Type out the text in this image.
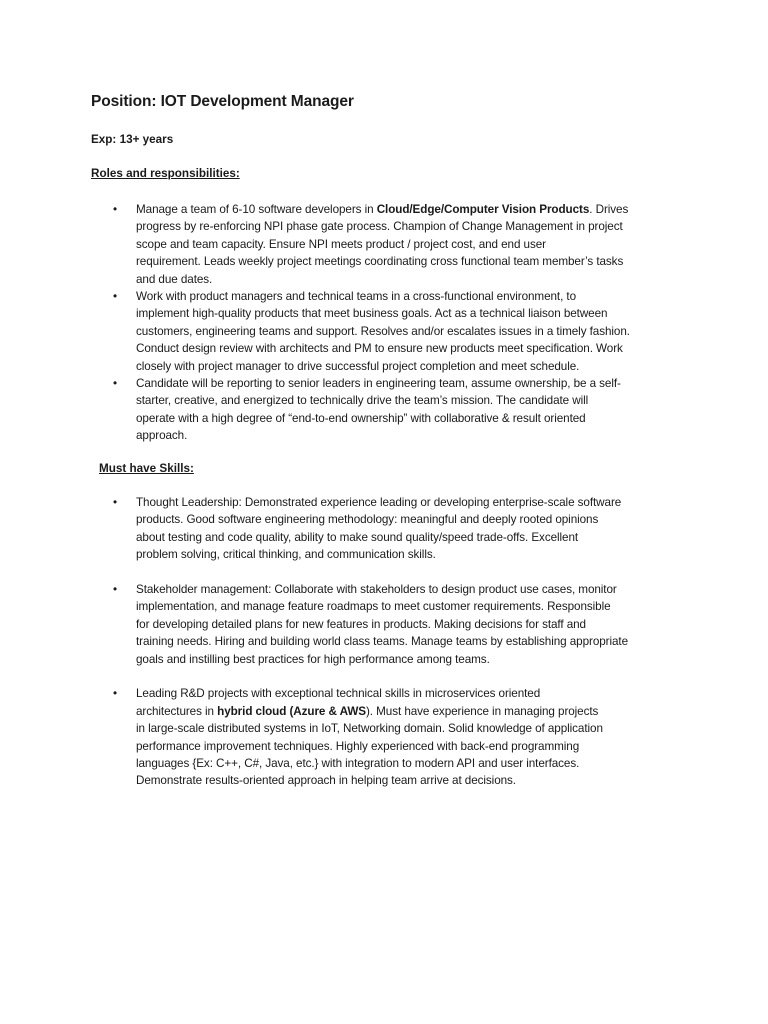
Position: IOT Development Manager

Exp: 13+ years

Roles and responsibilities:

• Manage a team of 6-10 software developers in Cloud/Edge/Computer Vision Products. Drives
progress by re-enforcing NPI phase gate process. Champion of Change Management in project
scope and team capacity. Ensure NPI meets product / project cost, and end user
requirement. Leads weekly project meetings coordinating cross functional team member’s tasks
and due dates.
• Work with product managers and technical teams in a cross-functional environment, to
implement high-quality products that meet business goals. Act as a technical liaison between
customers, engineering teams and support. Resolves and/or escalates issues in a timely fashion.
Conduct design review with architects and PM to ensure new products meet specification. Work
closely with project manager to drive successful project completion and meet schedule.
• Candidate will be reporting to senior leaders in engineering team, assume ownership, be a self-
starter, creative, and energized to technically drive the team’s mission. The candidate will
operate with a high degree of “end-to-end ownership” with collaborative & result oriented
approach.

Must have Skills:

• Thought Leadership: Demonstrated experience leading or developing enterprise-scale software
products. Good software engineering methodology: meaningful and deeply rooted opinions
about testing and code quality, ability to make sound quality/speed trade-offs. Excellent
problem solving, critical thinking, and communication skills.
• Stakeholder management: Collaborate with stakeholders to design product use cases, monitor
implementation, and manage feature roadmaps to meet customer requirements. Responsible
for developing detailed plans for new features in products. Making decisions for staff and
training needs. Hiring and building world class teams. Manage teams by establishing appropriate
goals and instilling best practices for high performance among teams.
• Leading R&D projects with exceptional technical skills in microservices oriented
architectures in hybrid cloud (Azure & AWS). Must have experience in managing projects
in large-scale distributed systems in IoT, Networking domain. Solid knowledge of application
performance improvement techniques. Highly experienced with back-end programming
languages {Ex: C++, C#, Java, etc.} with integration to modern API and user interfaces.
Demonstrate results-oriented approach in helping team arrive at decisions.
